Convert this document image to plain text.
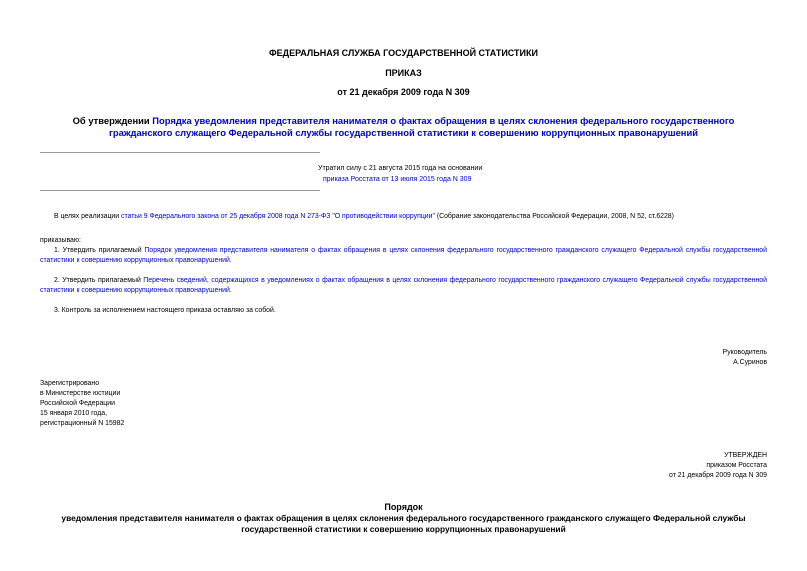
ФЕДЕРАЛЬНАЯ СЛУЖБА ГОСУДАРСТВЕННОЙ СТАТИСТИКИ
ПРИКАЗ
от 21 декабря 2009 года N 309
Об утверждении Порядка уведомления представителя нанимателя о фактах обращения в целях склонения федерального государственного гражданского служащего Федеральной службы государственной статистики к совершению коррупционных правонарушений
Утратил силу с 21 августа 2015 года на основании
приказа Росстата от 13 июля 2015 года N 309
В целях реализации статьи 9 Федерального закона от 25 декабря 2008 года N 273-ФЗ "О противодействии коррупции" (Собрание законодательства Российской Федерации, 2008, N 52, ст.6228)
приказываю:
1. Утвердить прилагаемый Порядок уведомления представителя нанимателя о фактах обращения в целях склонения федерального государственного гражданского служащего Федеральной службы государственной статистики к совершению коррупционных правонарушений.
2. Утвердить прилагаемый Перечень сведений, содержащихся в уведомлениях о фактах обращения в целях склонения федерального государственного гражданского служащего Федеральной службы государственной статистики к совершению коррупционных правонарушений.
3. Контроль за исполнением настоящего приказа оставляю за собой.
Руководитель
А.Суринов
Зарегистрировано
в Министерстве юстиции
Российской Федерации
15 января 2010 года,
регистрационный N 15982
УТВЕРЖДЕН
приказом Росстата
от 21 декабря 2009 года N 309
Порядок
уведомления представителя нанимателя о фактах обращения в целях склонения федерального государственного гражданского служащего Федеральной службы государственной статистики к совершению коррупционных правонарушений
